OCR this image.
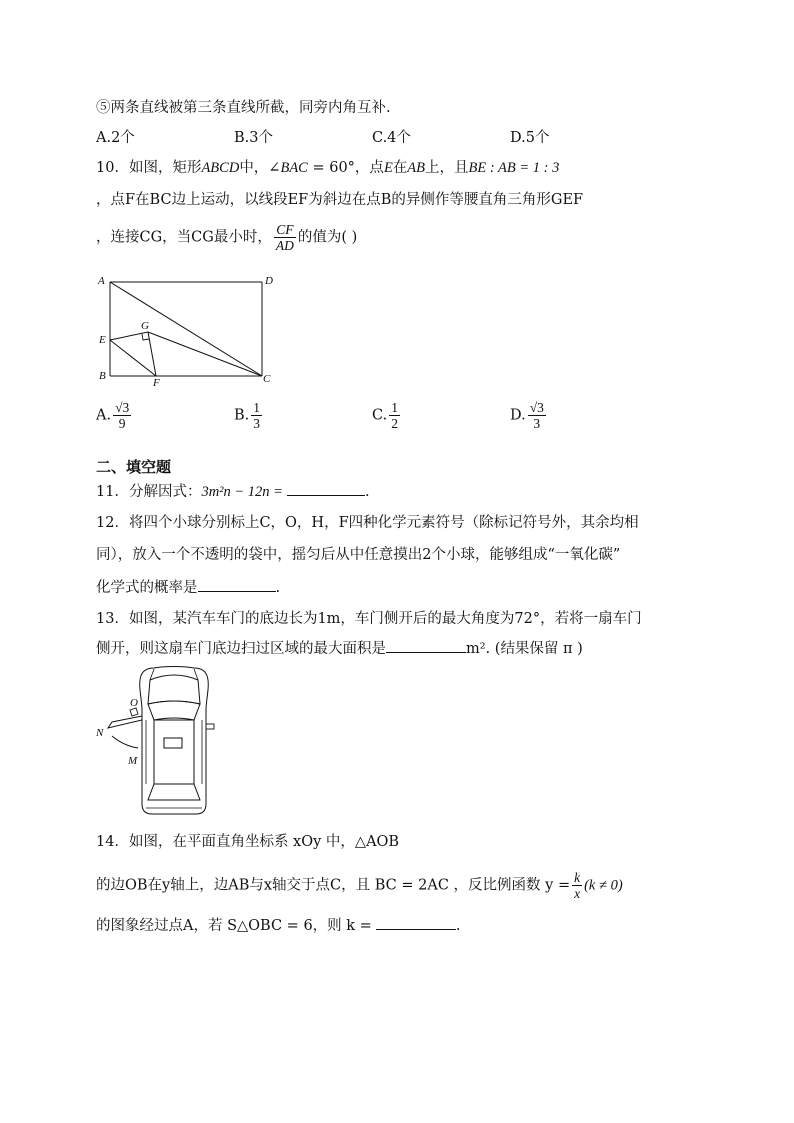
⑤两条直线被第三条直线所截，同旁内角互补.
A.2个	B.3个	C.4个	D.5个
10．如图，矩形ABCD中，∠BAC = 60°，点E在AB上，且BE : AB = 1 : 3
，点F在BC边上运动，以线段EF为斜边在点B的异侧作等腰直角三角形GEF
，连接CG，当CG最小时， $\frac{CF}{AD}$ 的值为( )
A	D
G
E
B
F	C
A. $\frac{√3}{9}$	B. $\frac{1}{3}$	C. $\frac{1}{2}$	D. $\frac{√3}{3}$
二、填空题
11．分解因式：3m²n − 12n =	.
12．将四个小球分别标上C，O，H，F四种化学元素符号（除标记符号外，其余均相
同），放入一个不透明的袋中，摇匀后从中任意摸出2个小球，能够组成“一氧化碳”
化学式的概率是	.
13．如图，某汽车车门的底边长为1m，车门侧开后的最大角度为72°，若将一扇车门
侧开，则这扇车门底边扫过区域的最大面积是	m². (结果保留 π )
O
N
M
14．如图，在平面直角坐标系 xOy 中，△AOB
的边OB在y轴上，边AB与x轴交于点C，且 BC = 2AC ，反比例函数 $y = \frac{k}{x} (k \ne 0)$
的图象经过点A，若 S△OBC = 6，则 k =	.
